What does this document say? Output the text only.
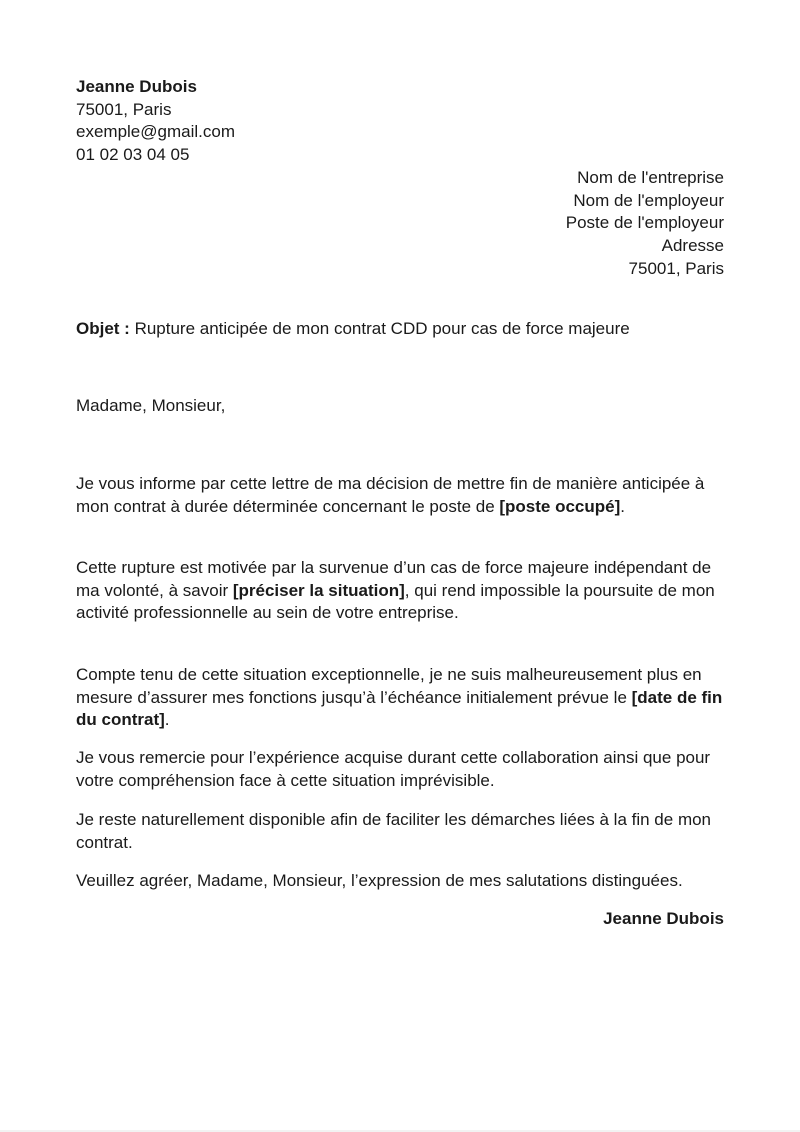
Jeanne Dubois
75001, Paris
exemple@gmail.com
01 02 03 04 05
Nom de l'entreprise
Nom de l'employeur
Poste de l'employeur
Adresse
75001, Paris
Objet : Rupture anticipée de mon contrat CDD pour cas de force majeure
Madame, Monsieur,
Je vous informe par cette lettre de ma décision de mettre fin de manière anticipée à mon contrat à durée déterminée concernant le poste de [poste occupé].
Cette rupture est motivée par la survenue d’un cas de force majeure indépendant de ma volonté, à savoir [préciser la situation], qui rend impossible la poursuite de mon activité professionnelle au sein de votre entreprise.
Compte tenu de cette situation exceptionnelle, je ne suis malheureusement plus en mesure d’assurer mes fonctions jusqu’à l’échéance initialement prévue le [date de fin du contrat].
Je vous remercie pour l’expérience acquise durant cette collaboration ainsi que pour votre compréhension face à cette situation imprévisible.
Je reste naturellement disponible afin de faciliter les démarches liées à la fin de mon contrat.
Veuillez agréer, Madame, Monsieur, l’expression de mes salutations distinguées.
Jeanne Dubois
